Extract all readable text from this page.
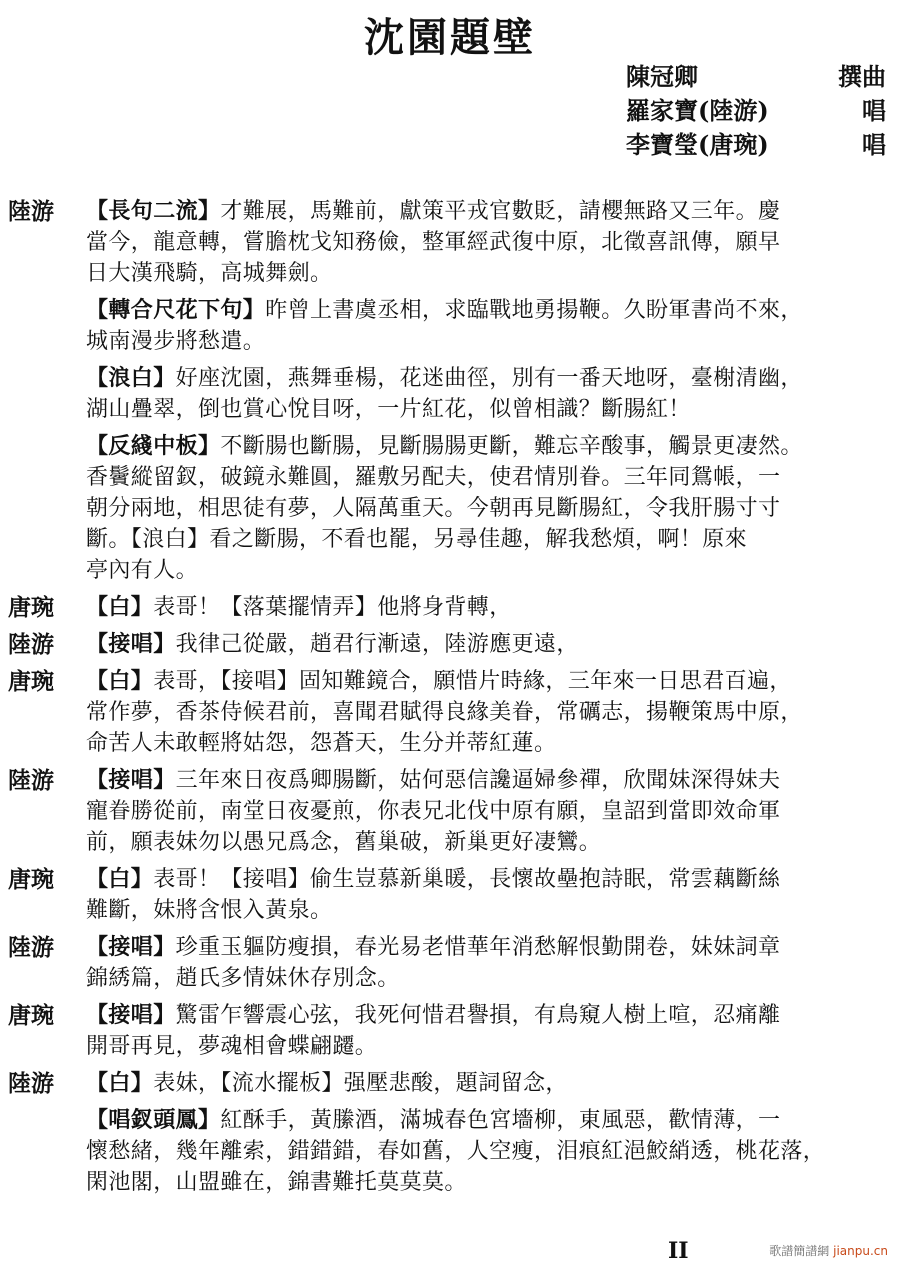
沈園題壁
陳冠卿	撰曲
羅家寶(陸游)	唱
李寶瑩(唐琬)	唱
陸游	【長句二流】才難展，馬難前，獻策平戎官數貶，請櫻無路又三年。慶
當今，龍意轉，嘗膽枕戈知務儉，整軍經武復中原，北徵喜訊傳，願早
日大漢飛騎，高城舞劍。
【轉合尺花下句】昨曾上書虞丞相，求臨戰地勇揚鞭。久盼軍書尚不來，
城南漫步將愁遣。
【浪白】好座沈園，燕舞垂楊，花迷曲徑，別有一番天地呀，臺榭清幽，
湖山疊翠，倒也賞心悅目呀，一片紅花，似曾相識？斷腸紅！
【反綫中板】不斷腸也斷腸，見斷腸腸更斷，難忘辛酸事，觸景更凄然。
香鬢縱留釵，破鏡永難圓，羅敷另配夫，使君情別眷。三年同鴛帳，一
朝分兩地，相思徒有夢，人隔萬重天。今朝再見斷腸紅，令我肝腸寸寸
斷。【浪白】看之斷腸，不看也罷，另尋佳趣，解我愁煩，啊！原來
亭內有人。
唐琬	【白】表哥！【落葉擺情弄】他將身背轉，
陸游	【接唱】我律己從嚴，趙君行漸遠，陸游應更遠，
唐琬	【白】表哥，【接唱】固知難鏡合，願惜片時緣，三年來一日思君百遍，
常作夢，香茶侍候君前，喜聞君賦得良緣美眷，常礪志，揚鞭策馬中原，
命苦人未敢輕將姑怨，怨蒼天，生分并蒂紅蓮。
陸游	【接唱】三年來日夜爲卿腸斷，姑何惡信讒逼婦參禪，欣聞妹深得妹夫
寵眷勝從前，南堂日夜憂煎，你表兄北伐中原有願，皇詔到當即效命軍
前，願表妹勿以愚兄爲念，舊巢破，新巢更好凄鸞。
唐琬	【白】表哥！【接唱】偷生豈慕新巢暖，長懷故壘抱詩眠，常雲藕斷絲
難斷，妹將含恨入黃泉。
陸游	【接唱】珍重玉軀防瘦損，春光易老惜華年消愁解恨勤開卷，妹妹詞章
錦綉篇，趙氏多情妹休存別念。
唐琬	【接唱】驚雷乍響震心弦，我死何惜君譽損，有鳥窺人樹上喧，忍痛離
開哥再見，夢魂相會蝶翩躚。
陸游	【白】表妹，【流水擺板】强壓悲酸，題詞留念，
【唱釵頭鳳】紅酥手，黃縢酒，滿城春色宮墻柳，東風惡，歡情薄，一
懷愁緒，幾年離索，錯錯錯，春如舊，人空瘦，泪痕紅浥鮫綃透，桃花落，
閑池閣，山盟雖在，錦書難托莫莫莫。
II	歌譜簡譜網 jianpu.cn
